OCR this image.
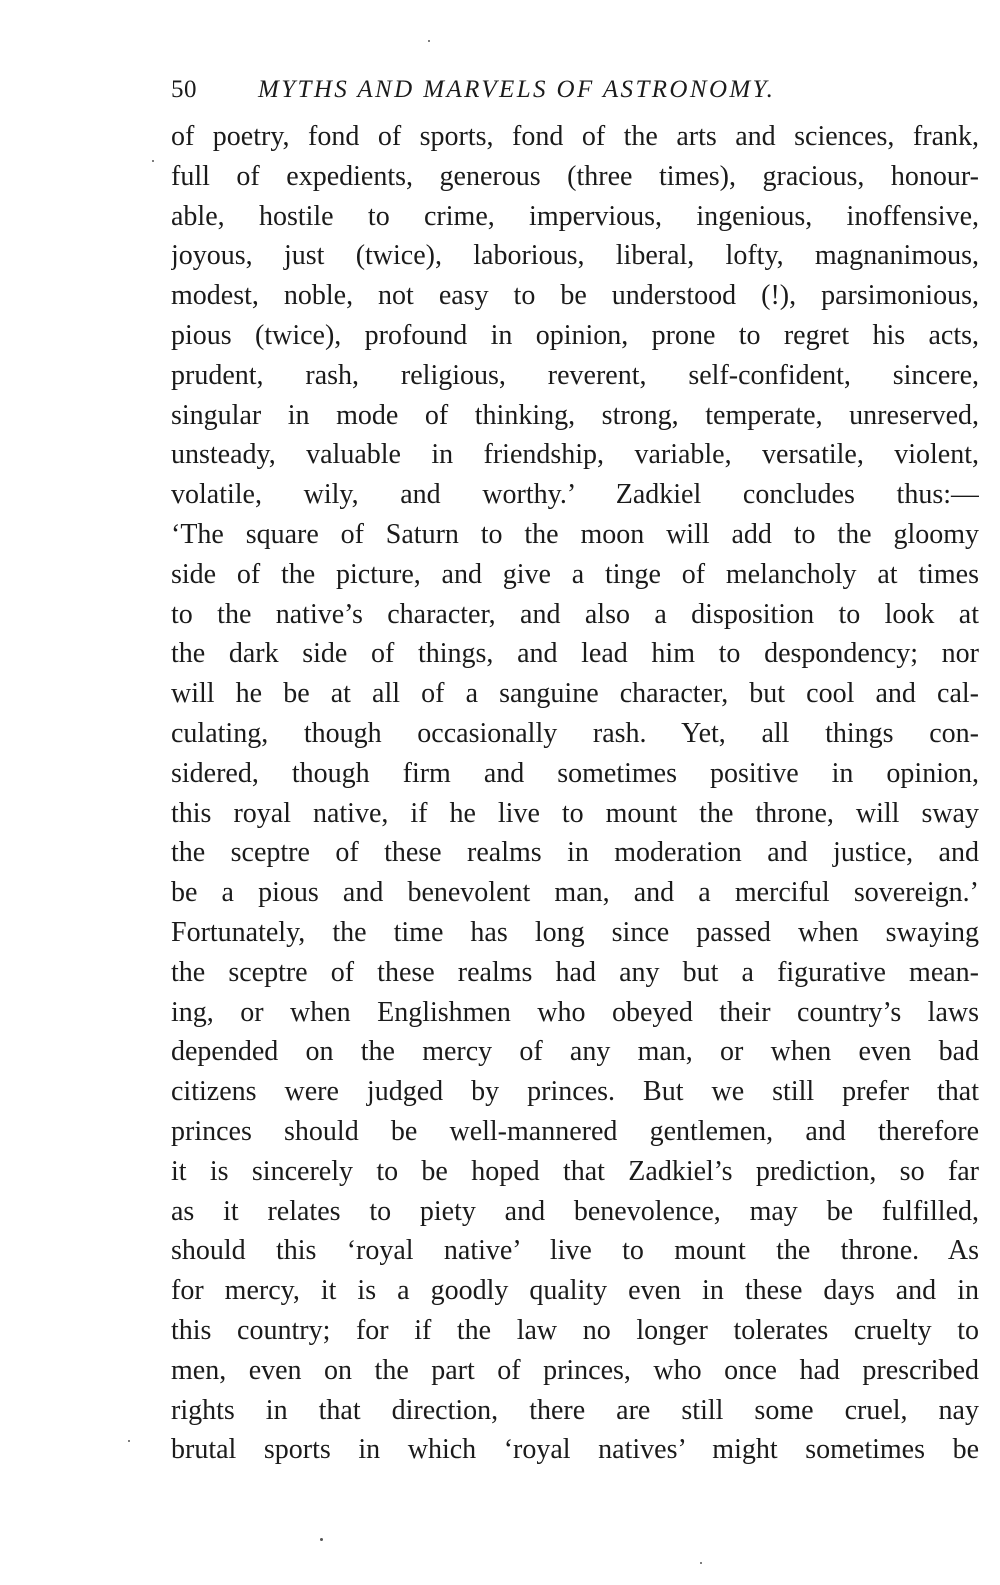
50 MYTHS AND MARVELS OF ASTRONOMY.
of poetry, fond of sports, fond of the arts and sciences, frank,
full of expedients, generous (three times), gracious, honour-
able, hostile to crime, impervious, ingenious, inoffensive,
joyous, just (twice), laborious, liberal, lofty, magnanimous,
modest, noble, not easy to be understood (!), parsimonious,
pious (twice), profound in opinion, prone to regret his acts,
prudent, rash, religious, reverent, self-confident, sincere,
singular in mode of thinking, strong, temperate, unreserved,
unsteady, valuable in friendship, variable, versatile, violent,
volatile, wily, and worthy.’ Zadkiel concludes thus:—
‘The square of Saturn to the moon will add to the gloomy
side of the picture, and give a tinge of melancholy at times
to the native’s character, and also a disposition to look at
the dark side of things, and lead him to despondency; nor
will he be at all of a sanguine character, but cool and cal-
culating, though occasionally rash. Yet, all things con-
sidered, though firm and sometimes positive in opinion,
this royal native, if he live to mount the throne, will sway
the sceptre of these realms in moderation and justice, and
be a pious and benevolent man, and a merciful sovereign.’
Fortunately, the time has long since passed when swaying
the sceptre of these realms had any but a figurative mean-
ing, or when Englishmen who obeyed their country’s laws
depended on the mercy of any man, or when even bad
citizens were judged by princes. But we still prefer that
princes should be well-mannered gentlemen, and therefore
it is sincerely to be hoped that Zadkiel’s prediction, so far
as it relates to piety and benevolence, may be fulfilled,
should this ‘royal native’ live to mount the throne. As
for mercy, it is a goodly quality even in these days and in
this country; for if the law no longer tolerates cruelty to
men, even on the part of princes, who once had prescribed
rights in that direction, there are still some cruel, nay
brutal sports in which ‘royal natives’ might sometimes be
